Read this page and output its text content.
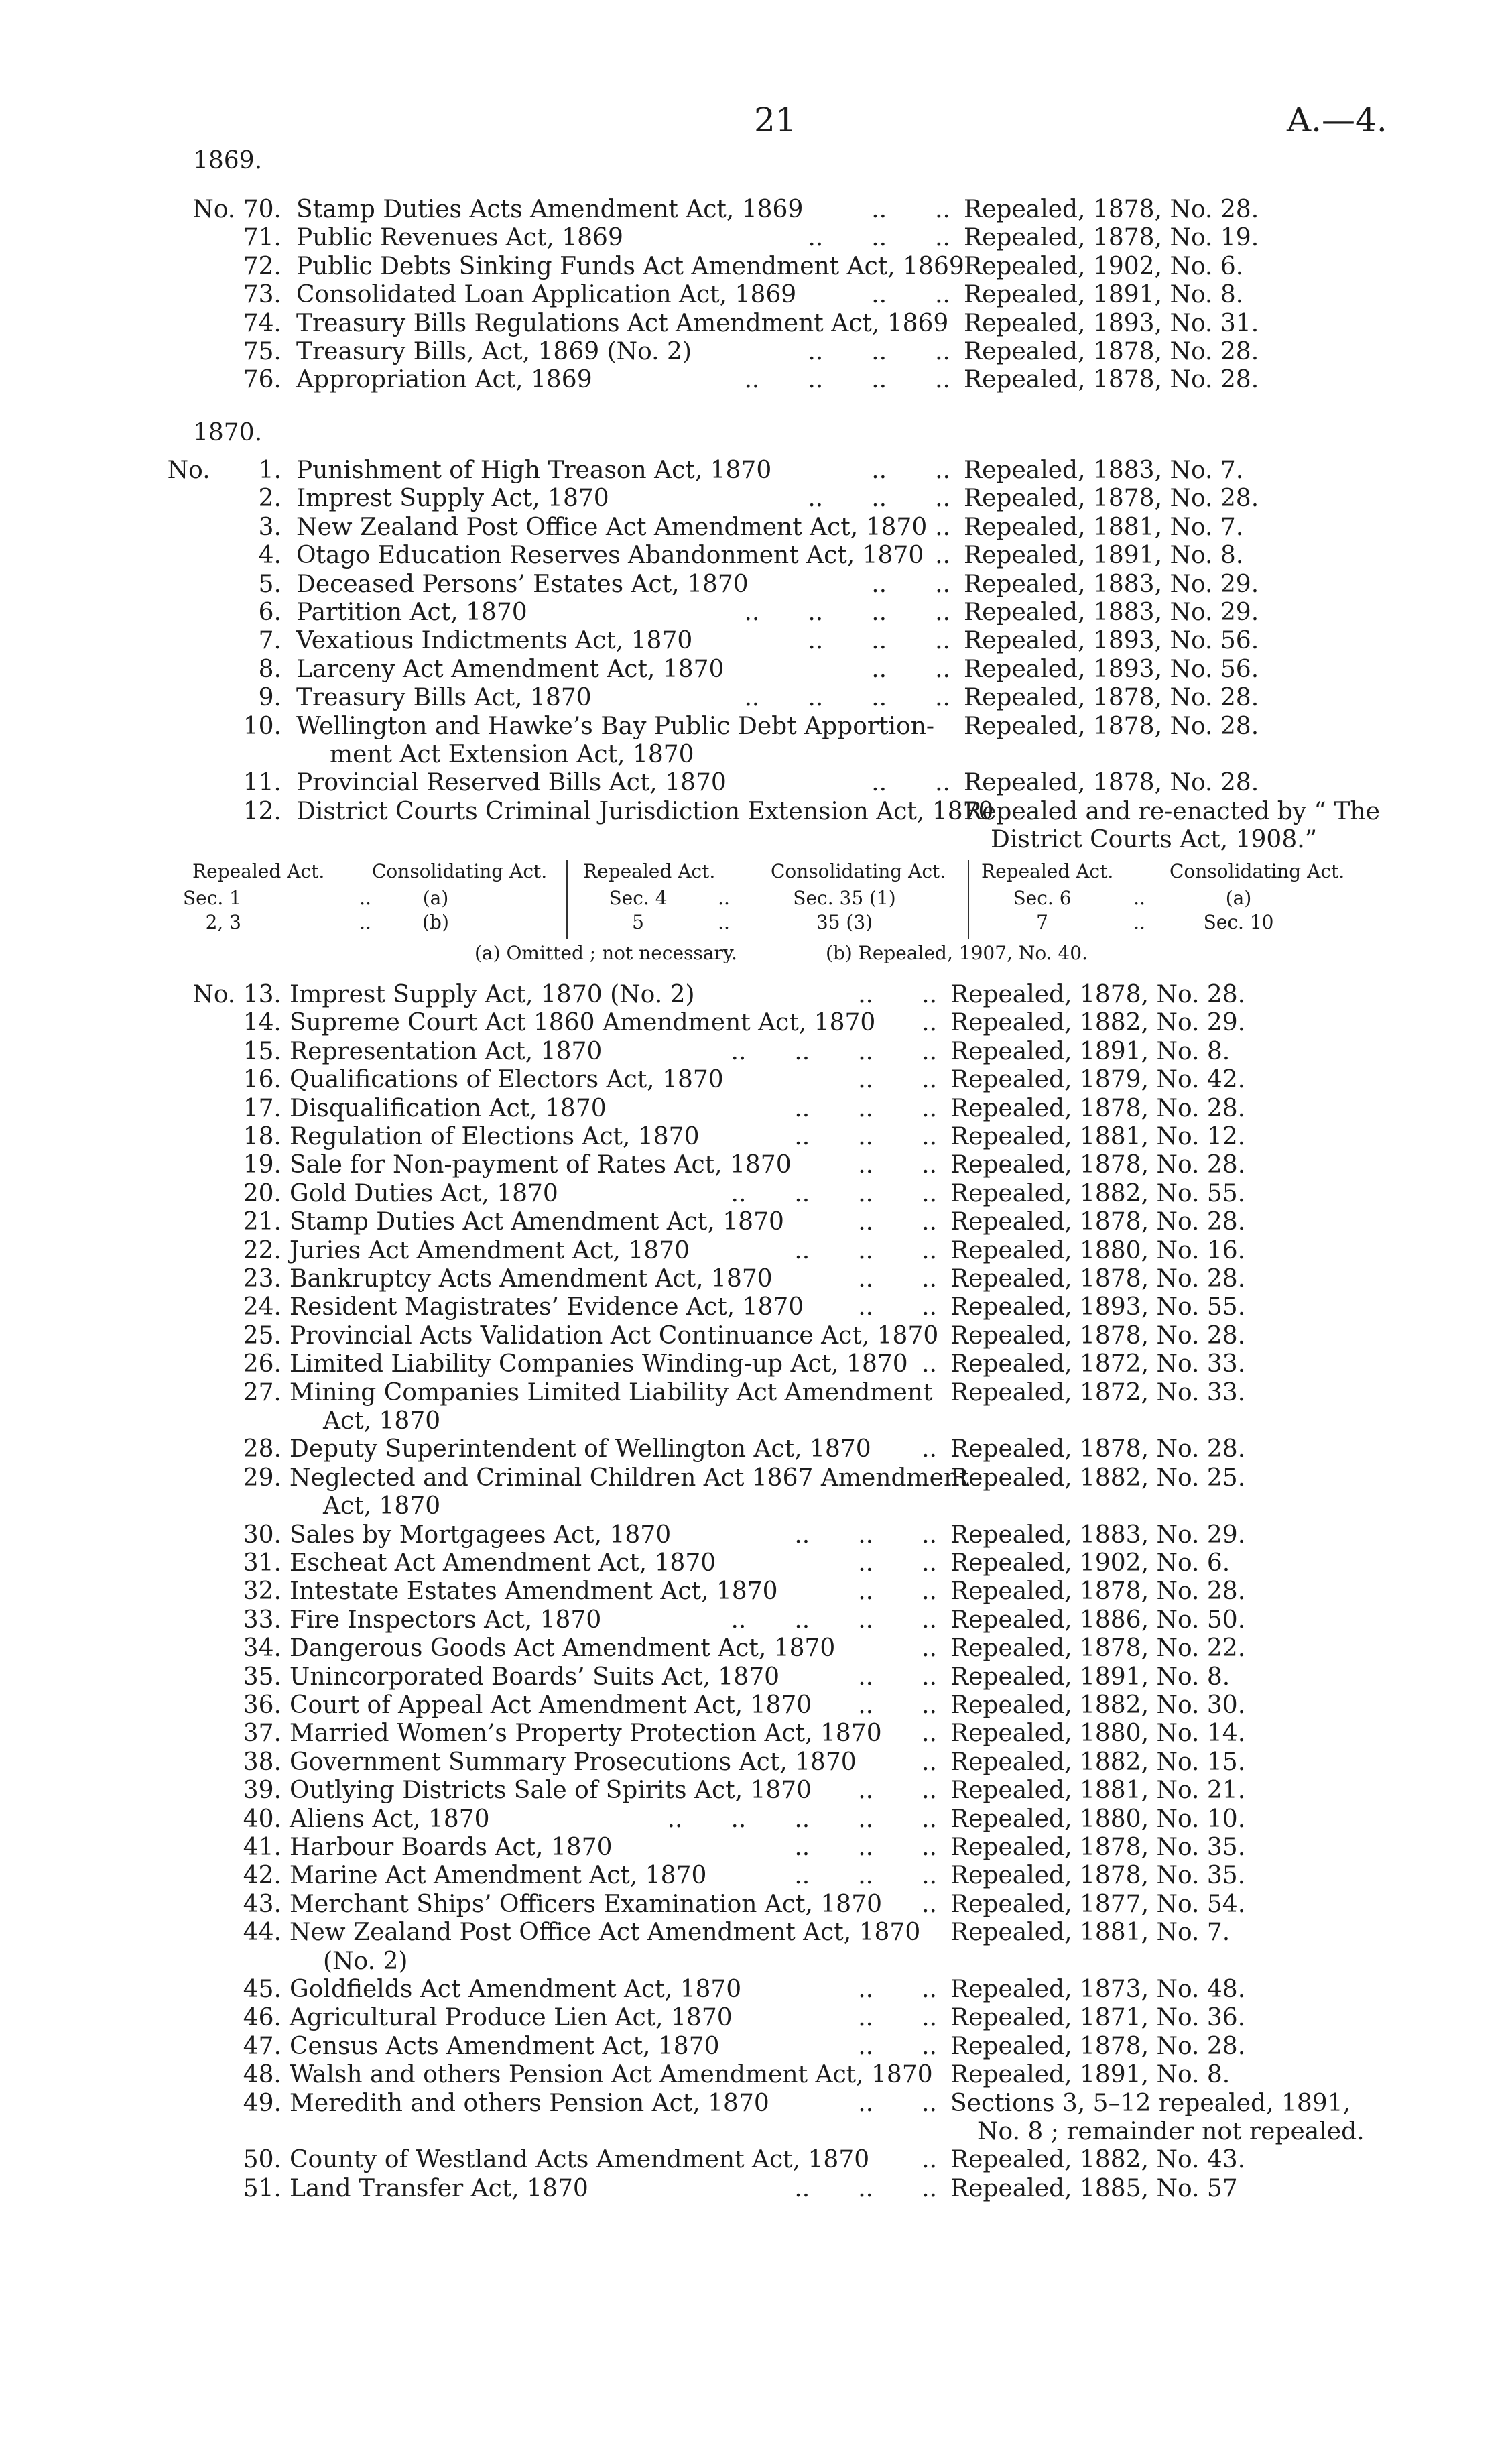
21	A.—4.
1869.
No. 70. Stamp Duties Acts Amendment Act, 1869	..  .. Repealed, 1878, No. 28.
71. Public Revenues Act, 1869	..  ..  .. Repealed, 1878, No. 19.
72. Public Debts Sinking Funds Act Amendment Act, 1869 Repealed, 1902, No. 6.
73. Consolidated Loan Application Act, 1869	..  .. Repealed, 1891, No. 8.
74. Treasury Bills Regulations Act Amendment Act, 1869 Repealed, 1893, No. 31.
75. Treasury Bills, Act, 1869 (No. 2)	..  ..  .. Repealed, 1878, No. 28.
76. Appropriation Act, 1869	..  ..  ..  .. Repealed, 1878, No. 28.
1870.
No.  1. Punishment of High Treason Act, 1870	..  .. Repealed, 1883, No. 7.
2. Imprest Supply Act, 1870	..  ..  .. Repealed, 1878, No. 28.
3. New Zealand Post Office Act Amendment Act, 1870 .. Repealed, 1881, No. 7.
4. Otago Education Reserves Abandonment Act, 1870 .. Repealed, 1891, No. 8.
5. Deceased Persons’ Estates Act, 1870	..  .. Repealed, 1883, No. 29.
6. Partition Act, 1870	..  ..  ..  .. Repealed, 1883, No. 29.
7. Vexatious Indictments Act, 1870	..  ..  .. Repealed, 1893, No. 56.
8. Larceny Act Amendment Act, 1870	..  .. Repealed, 1893, No. 56.
9. Treasury Bills Act, 1870	..  ..  ..  .. Repealed, 1878, No. 28.
10. Wellington and Hawke’s Bay Public Debt Apportion- Repealed, 1878, No. 28.
ment Act Extension Act, 1870
11. Provincial Reserved Bills Act, 1870	..  .. Repealed, 1878, No. 28.
12. District Courts Criminal Jurisdiction Extension Act, 1870
Repealed and re-enacted by “ The
District Courts Act, 1908.”
Repealed Act.	Consolidating Act. Repealed Act.	Consolidating Act. Repealed Act.	Consolidating Act.
Sec. 1	..	(a)	Sec. 4	..	Sec. 35 (1)	Sec. 6	..	(a)
2, 3	..	(b)	5	..	35 (3)	7	..	Sec. 10
(a) Omitted ; not necessary.	(b) Repealed, 1907, No. 40.
No. 13. Imprest Supply Act, 1870 (No. 2)	..  .. Repealed, 1878, No. 28.
14. Supreme Court Act 1860 Amendment Act, 1870	.. Repealed, 1882, No. 29.
15. Representation Act, 1870	..  ..  ..  .. Repealed, 1891, No. 8.
16. Qualifications of Electors Act, 1870	..  .. Repealed, 1879, No. 42.
17. Disqualification Act, 1870	..  ..  .. Repealed, 1878, No. 28.
18. Regulation of Elections Act, 1870	..  ..  .. Repealed, 1881, No. 12.
19. Sale for Non-payment of Rates Act, 1870	..  .. Repealed, 1878, No. 28.
20. Gold Duties Act, 1870	..  ..  ..  .. Repealed, 1882, No. 55.
21. Stamp Duties Act Amendment Act, 1870	..  .. Repealed, 1878, No. 28.
22. Juries Act Amendment Act, 1870	..  ..  .. Repealed, 1880, No. 16.
23. Bankruptcy Acts Amendment Act, 1870	..  .. Repealed, 1878, No. 28.
24. Resident Magistrates’ Evidence Act, 1870	..  .. Repealed, 1893, No. 55.
25. Provincial Acts Validation Act Continuance Act, 1870 Repealed, 1878, No. 28.
26. Limited Liability Companies Winding-up Act, 1870 .. Repealed, 1872, No. 33.
27. Mining Companies Limited Liability Act Amendment Repealed, 1872, No. 33.
Act, 1870
28. Deputy Superintendent of Wellington Act, 1870	.. Repealed, 1878, No. 28.
29. Neglected and Criminal Children Act 1867 Amendment
Repealed, 1882, No. 25.
Act, 1870
30. Sales by Mortgagees Act, 1870	..  ..  .. Repealed, 1883, No. 29.
31. Escheat Act Amendment Act, 1870	..  .. Repealed, 1902, No. 6.
32. Intestate Estates Amendment Act, 1870	..  .. Repealed, 1878, No. 28.
33. Fire Inspectors Act, 1870	..  ..  ..  .. Repealed, 1886, No. 50.
34. Dangerous Goods Act Amendment Act, 1870	.. Repealed, 1878, No. 22.
35. Unincorporated Boards’ Suits Act, 1870	..  .. Repealed, 1891, No. 8.
36. Court of Appeal Act Amendment Act, 1870	..  .. Repealed, 1882, No. 30.
37. Married Women’s Property Protection Act, 1870	.. Repealed, 1880, No. 14.
38. Government Summary Prosecutions Act, 1870	.. Repealed, 1882, No. 15.
39. Outlying Districts Sale of Spirits Act, 1870	..  .. Repealed, 1881, No. 21.
40. Aliens Act, 1870	..  ..  ..  ..  .. Repealed, 1880, No. 10.
41. Harbour Boards Act, 1870	..  ..  .. Repealed, 1878, No. 35.
42. Marine Act Amendment Act, 1870	..  ..  .. Repealed, 1878, No. 35.
43. Merchant Ships’ Officers Examination Act, 1870	.. Repealed, 1877, No. 54.
44. New Zealand Post Office Act Amendment Act, 1870 Repealed, 1881, No. 7.
(No. 2)
45. Goldfields Act Amendment Act, 1870	..  .. Repealed, 1873, No. 48.
46. Agricultural Produce Lien Act, 1870	..  .. Repealed, 1871, No. 36.
47. Census Acts Amendment Act, 1870	..  .. Repealed, 1878, No. 28.
48. Walsh and others Pension Act Amendment Act, 1870 Repealed, 1891, No. 8.
49. Meredith and others Pension Act, 1870	..  .. Sections 3, 5–12 repealed, 1891,
No. 8 ; remainder not repealed.
50. County of Westland Acts Amendment Act, 1870	.. Repealed, 1882, No. 43.
51. Land Transfer Act, 1870	..  ..  .. Repealed, 1885, No. 57
